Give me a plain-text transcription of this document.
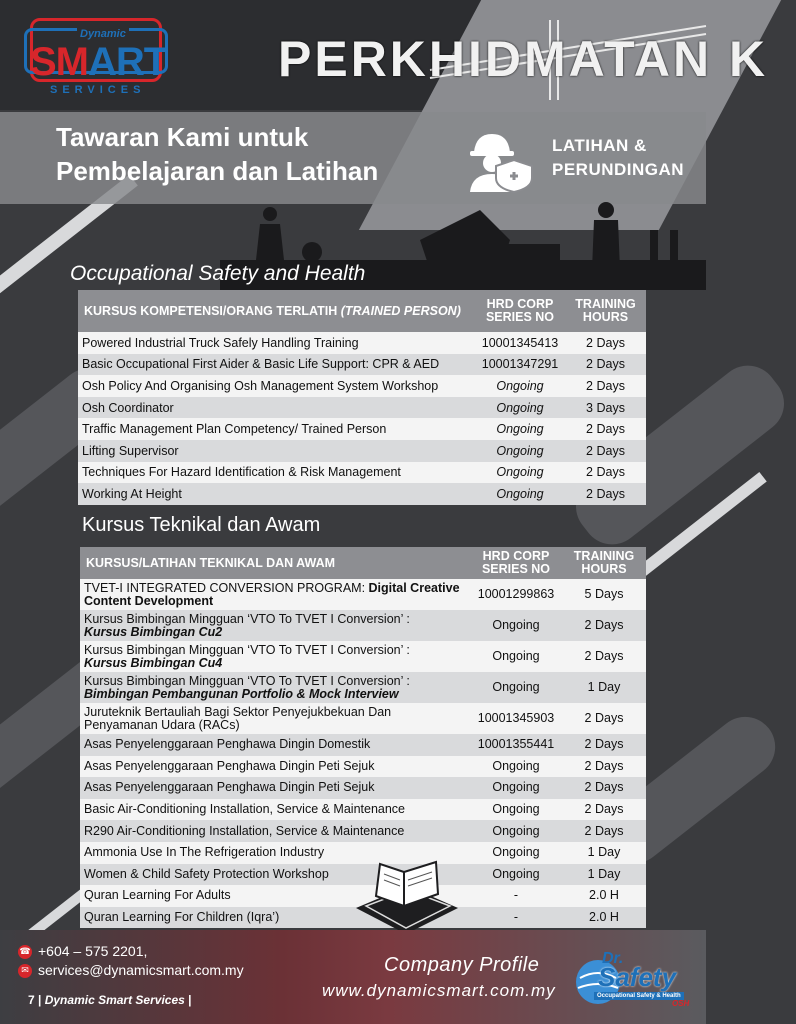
Dynamic
SMART
SERVICES
PERKHIDMATAN K
Tawaran Kami untuk
Pembelajaran dan Latihan
LATIHAN &
PERUNDINGAN
Occupational Safety and Health
KURSUS KOMPETENSI/ORANG TERLATIH (TRAINED PERSON)	HRD CORP SERIES NO	TRAINING HOURS
Powered Industrial Truck Safely Handling Training	10001345413	2 Days
Basic Occupational First Aider & Basic Life Support: CPR & AED	10001347291	2 Days
Osh Policy And Organising Osh Management System Workshop	Ongoing	2 Days
Osh Coordinator	Ongoing	3 Days
Traffic Management Plan Competency/ Trained Person	Ongoing	2 Days
Lifting Supervisor	Ongoing	2 Days
Techniques For Hazard Identification & Risk Management	Ongoing	2 Days
Working At Height	Ongoing	2 Days
Kursus Teknikal dan Awam
KURSUS/LATIHAN TEKNIKAL DAN AWAM	HRD CORP SERIES NO	TRAINING HOURS
TVET-I INTEGRATED CONVERSION PROGRAM: Digital Creative
Content Development	10001299863	5 Days
Kursus Bimbingan Mingguan ‘VTO To TVET I Conversion’ :
Kursus Bimbingan Cu2	Ongoing	2 Days
Kursus Bimbingan Mingguan ‘VTO To TVET I Conversion’ :
Kursus Bimbingan Cu4	Ongoing	2 Days
Kursus Bimbingan Mingguan ‘VTO To TVET I Conversion’ :
Bimbingan Pembangunan Portfolio & Mock Interview	Ongoing	1 Day
Juruteknik Bertauliah Bagi Sektor Penyejukbekuan Dan
Penyamanan Udara (RACs)	10001345903	2 Days
Asas Penyelenggaraan Penghawa Dingin Domestik	10001355441	2 Days
Asas Penyelenggaraan Penghawa Dingin Peti Sejuk	Ongoing	2 Days
Asas Penyelenggaraan Penghawa Dingin Peti Sejuk	Ongoing	2 Days
Basic Air-Conditioning Installation, Service & Maintenance	Ongoing	2 Days
R290 Air-Conditioning Installation, Service & Maintenance	Ongoing	2 Days
Ammonia Use In The Refrigeration Industry	Ongoing	1 Day
Women & Child Safety Protection Workshop	Ongoing	1 Day
Quran Learning For Adults	-	2.0 H
Quran Learning For Children (Iqra’)	-	2.0 H
☎ +604 – 575 2201,
✉ services@dynamicsmart.com.my
7 | Dynamic Smart Services |
Company Profile
www.dynamicsmart.com.my
Dr.
Safety
Occupational Safety & Health
OSH
